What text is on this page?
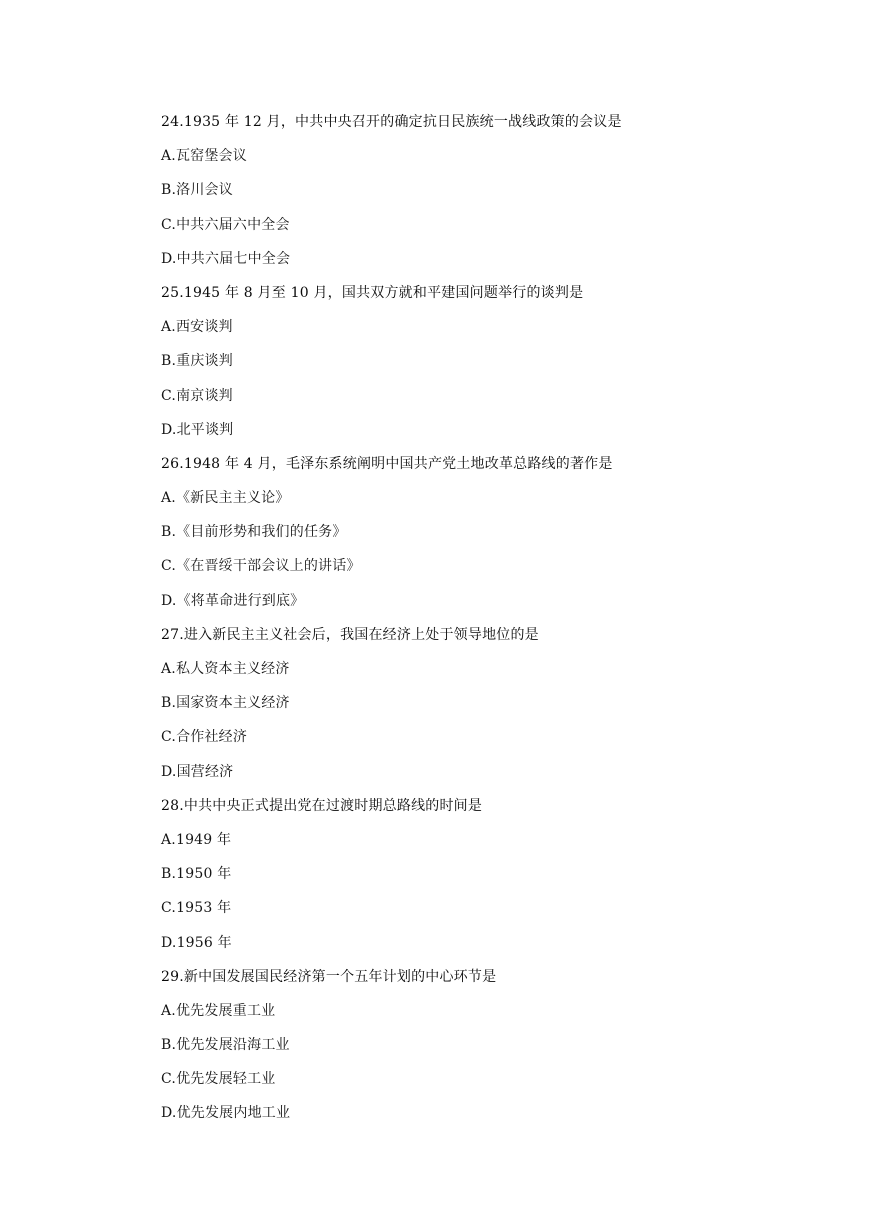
24.1935 年 12 月，中共中央召开的确定抗日民族统一战线政策的会议是
A.瓦窑堡会议
B.洛川会议
C.中共六届六中全会
D.中共六届七中全会
25.1945 年 8 月至 10 月，国共双方就和平建国问题举行的谈判是
A.西安谈判
B.重庆谈判
C.南京谈判
D.北平谈判
26.1948 年 4 月，毛泽东系统阐明中国共产党土地改革总路线的著作是
A.《新民主主义论》
B.《目前形势和我们的任务》
C.《在晋绥干部会议上的讲话》
D.《将革命进行到底》
27.进入新民主主义社会后，我国在经济上处于领导地位的是
A.私人资本主义经济
B.国家资本主义经济
C.合作社经济
D.国营经济
28.中共中央正式提出党在过渡时期总路线的时间是
A.1949 年
B.1950 年
C.1953 年
D.1956 年
29.新中国发展国民经济第一个五年计划的中心环节是
A.优先发展重工业
B.优先发展沿海工业
C.优先发展轻工业
D.优先发展内地工业
